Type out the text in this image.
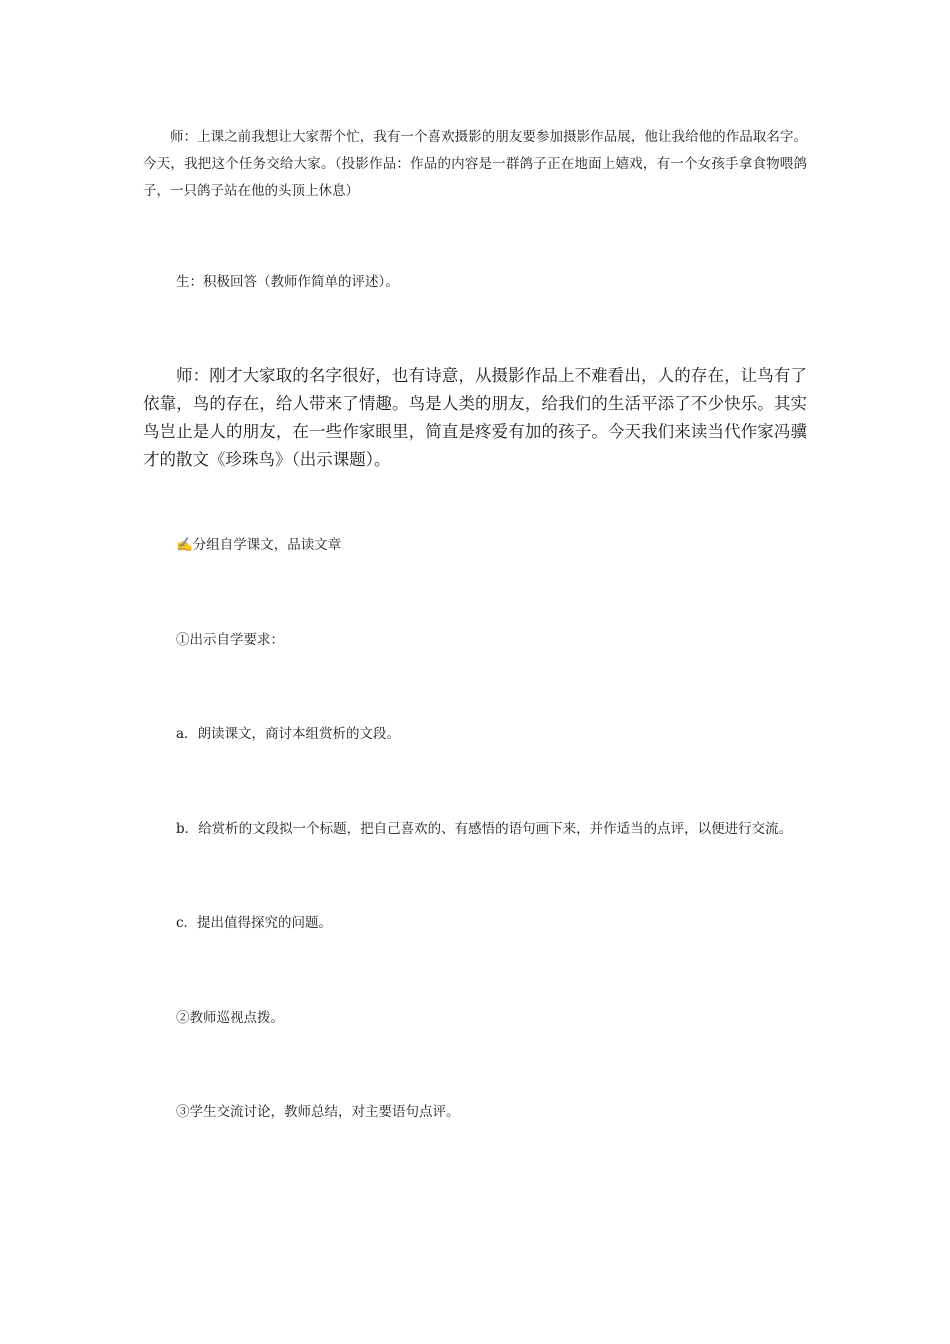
师：上课之前我想让大家帮个忙，我有一个喜欢摄影的朋友要参加摄影作品展，他让我给他的作品取名字。今天，我把这个任务交给大家。（投影作品：作品的内容是一群鸽子正在地面上嬉戏，有一个女孩手拿食物喂鸽子，一只鸽子站在他的头顶上休息）

生：积极回答（教师作简单的评述）。

师：刚才大家取的名字很好，也有诗意，从摄影作品上不难看出，人的存在，让鸟有了依靠，鸟的存在，给人带来了情趣。鸟是人类的朋友，给我们的生活平添了不少快乐。其实鸟岂止是人的朋友，在一些作家眼里，简直是疼爱有加的孩子。今天我们来读当代作家冯骥才的散文《珍珠鸟》（出示课题）。

✍分组自学课文，品读文章

①出示自学要求：

a．朗读课文，商讨本组赏析的文段。

b．给赏析的文段拟一个标题，把自己喜欢的、有感悟的语句画下来，并作适当的点评，以便进行交流。

c．提出值得探究的问题。

②教师巡视点拨。

③学生交流讨论，教师总结，对主要语句点评。
